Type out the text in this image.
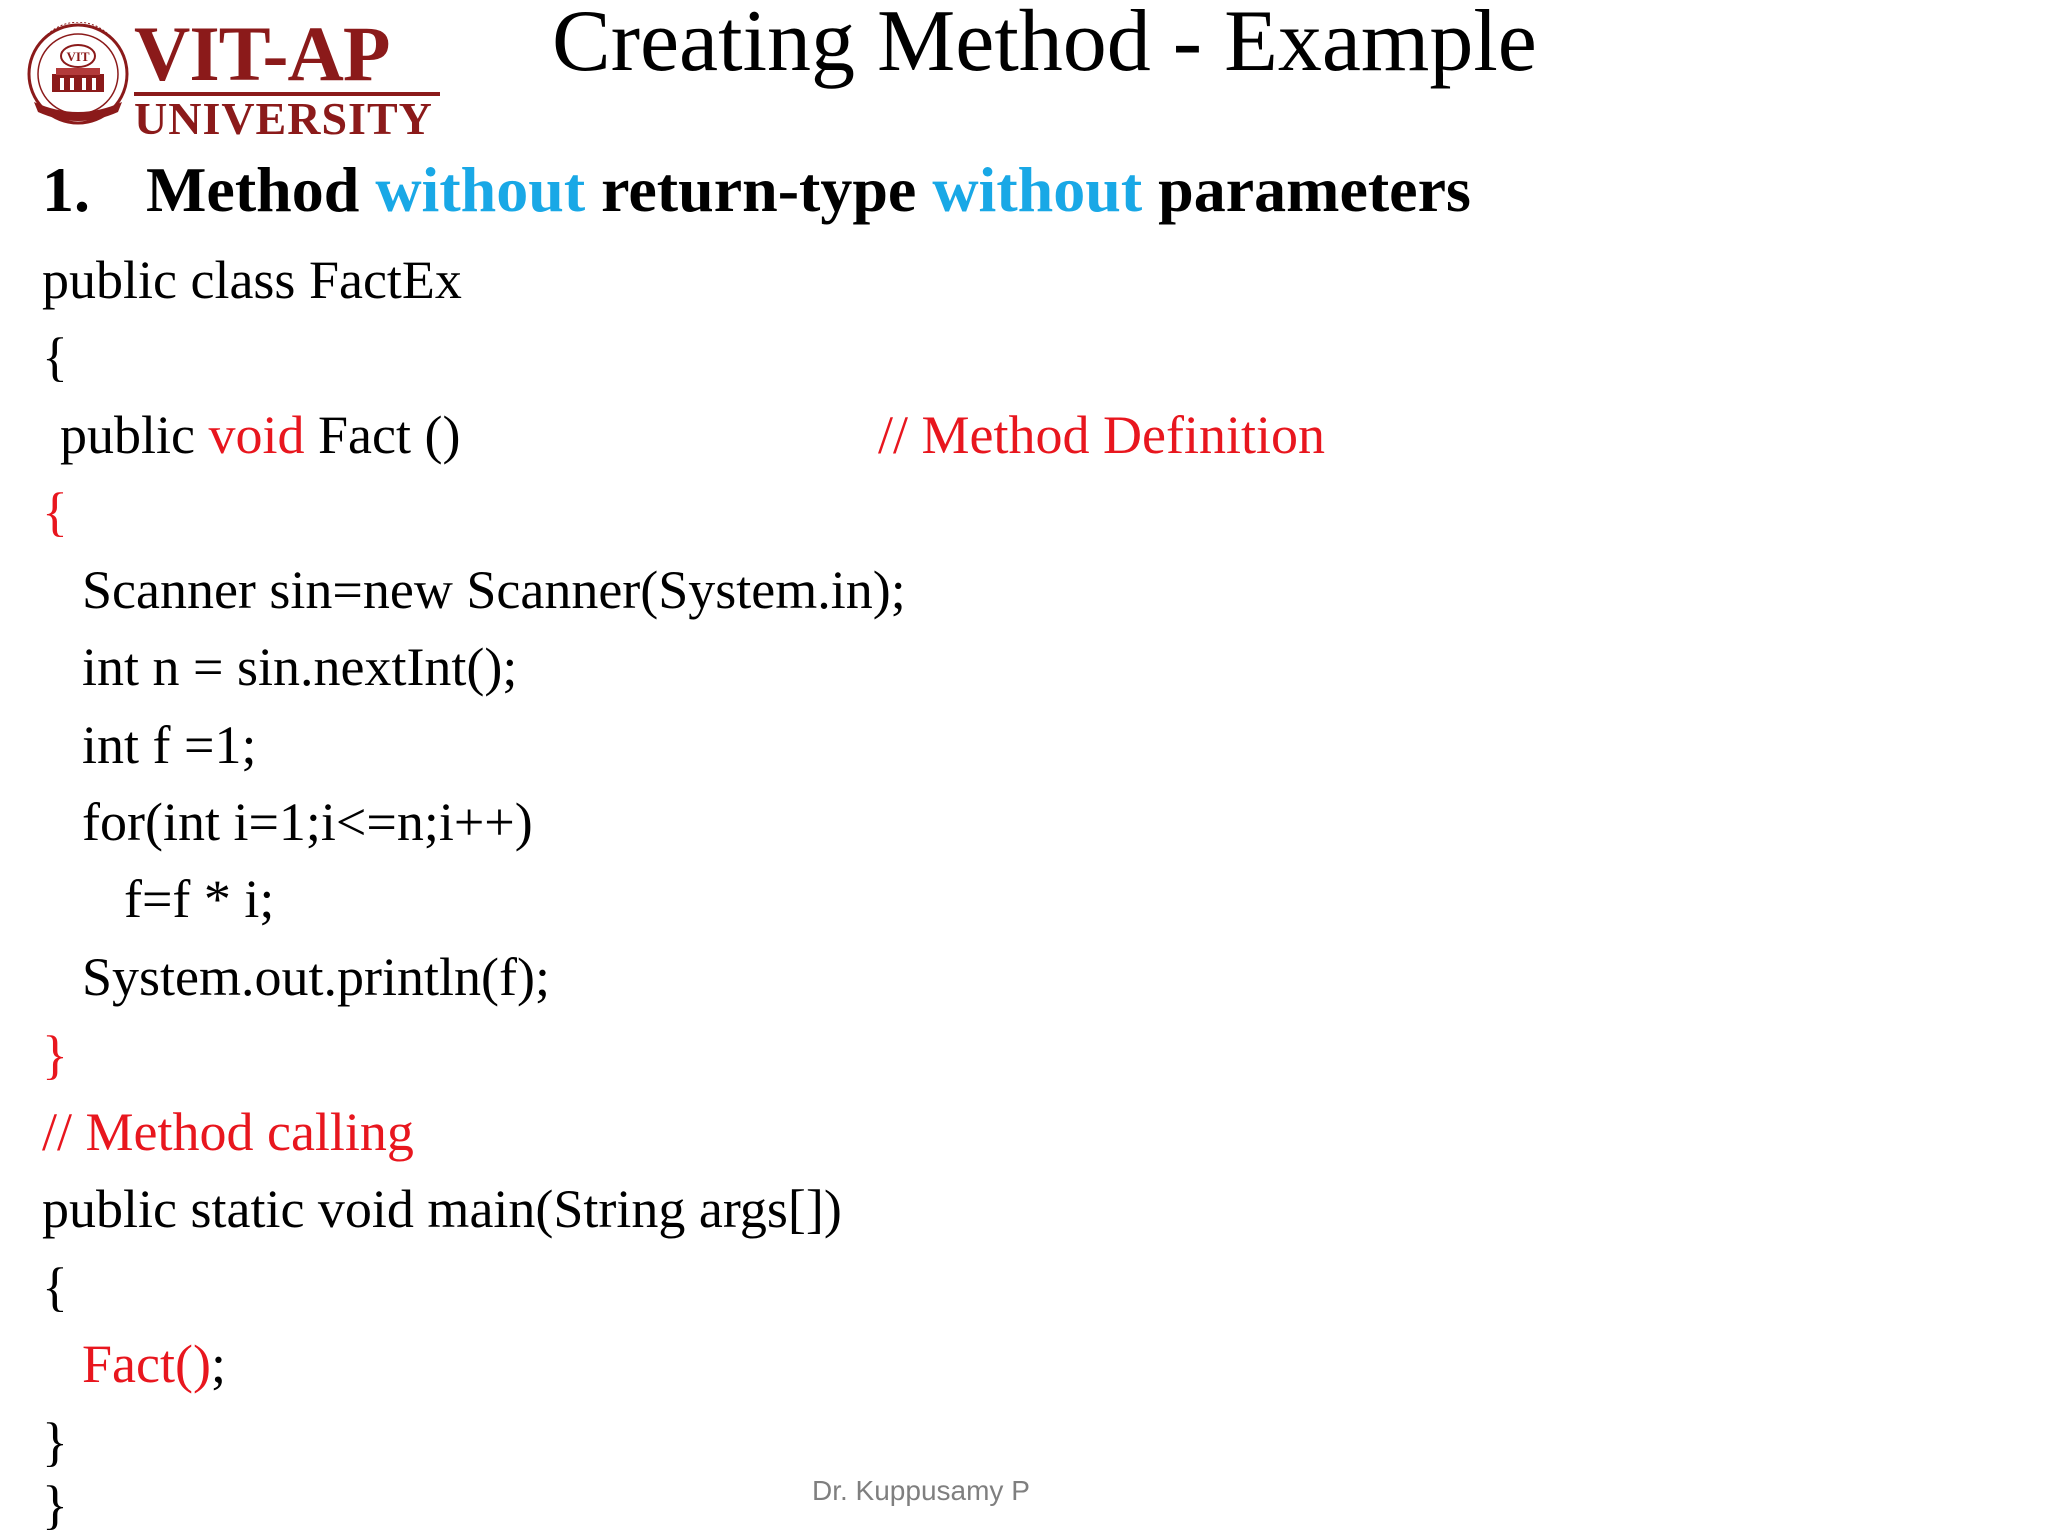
VIT VIT-AP
UNIVERSITY
Creating Method - Example
1. Method without return-type without parameters
public class FactEx
{
public void Fact ()	// Method Definition
{
Scanner sin=new Scanner(System.in);
int n = sin.nextInt();
int f =1;
for(int i=1;i<=n;i++)
f=f * i;
System.out.println(f);
}
// Method calling
public static void main(String args[])
{
Fact();
}
}	Dr. Kuppusamy P
